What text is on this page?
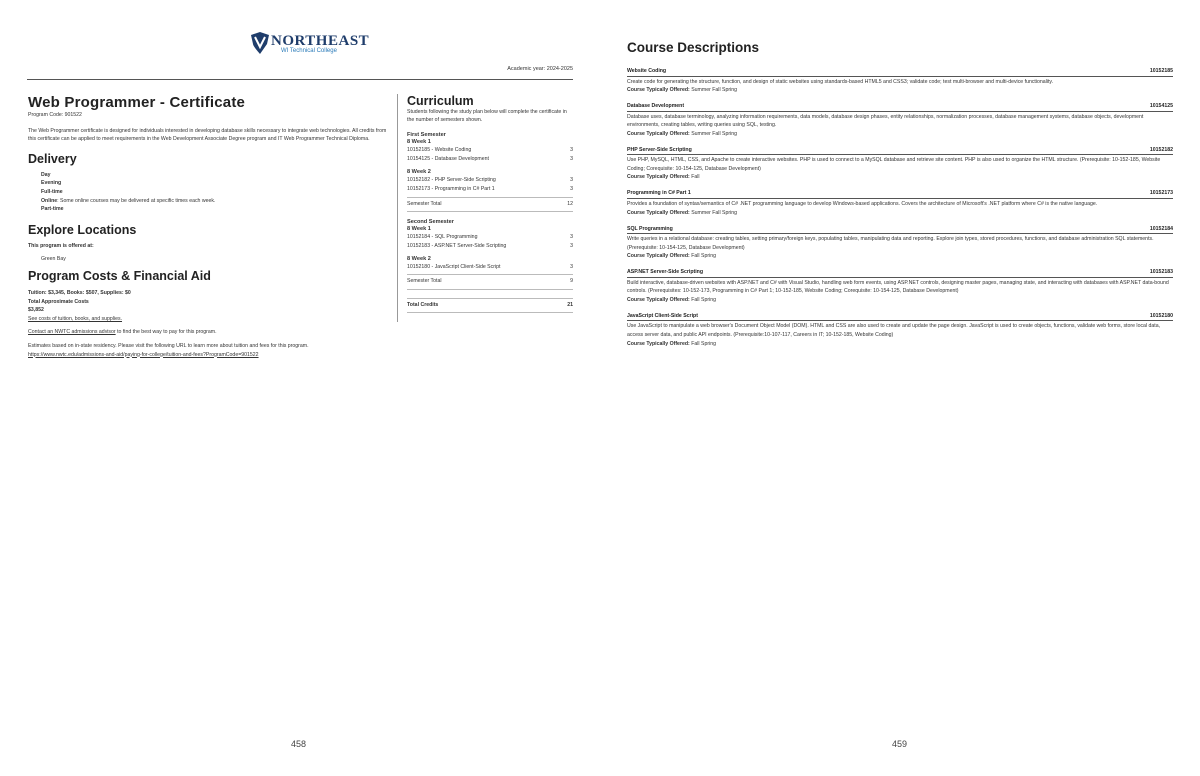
NORTHEAST
WI Technical College
Academic year: 2024-2025
Web Programmer - Certificate
Program Code: 901522
The Web Programmer certificate is designed for individuals interested in developing database skills necessary to integrate web technologies. All credits from this certificate can be applied to meet requirements in the Web Development Associate Degree program and IT Web Programmer Technical Diploma.
Delivery
Day
Evening
Full-time
Online: Some online courses may be delivered at specific times each week.
Part-time
Explore Locations
This program is offered at:
Green Bay
Program Costs & Financial Aid
Tuition: $3,345, Books: $507, Supplies: $0
Total Approximate Costs
$3,852
See costs of tuition, books, and supplies.
Contact an NWTC admissions advisor to find the best way to pay for this program.
Estimates based on in-state residency. Please visit the following URL to learn more about tuition and fees for this program.
https://www.nwtc.edu/admissions-and-aid/paying-for-college/tuition-and-fees?ProgramCode=901522
Curriculum
Students following the study plan below will complete the certificate in the number of semesters shown.
First Semester
8 Week 1
10152185 - Website Coding	3
10154125 - Database Development	3
8 Week 2
10152182 - PHP Server-Side Scripting	3
10152173 - Programming in C# Part 1	3
Semester Total	12
Second Semester
8 Week 1
10152184 - SQL Programming	3
10152183 - ASP.NET Server-Side Scripting	3
8 Week 2
10152180 - JavaScript Client-Side Script	3
Semester Total	9
Total Credits	21
458
Course Descriptions
Website Coding	10152185
Create code for generating the structure, function, and design of static websites using standards-based HTML5 and CSS3; validate code; test multi-browser and multi-device functionality.
Course Typically Offered: Summer Fall Spring
Database Development	10154125
Database uses, database terminology, analyzing information requirements, data models, database design phases, entity relationships, normalization processes, database management systems, database objects, development environments, creating tables, writing queries using SQL, testing.
Course Typically Offered: Summer Fall Spring
PHP Server-Side Scripting	10152182
Use PHP, MySQL, HTML, CSS, and Apache to create interactive websites. PHP is used to connect to a MySQL database and retrieve site content. PHP is also used to organize the HTML structure. (Prerequisite: 10-152-185, Website Coding; Corequisite: 10-154-125, Database Development)
Course Typically Offered: Fall
Programming in C# Part 1	10152173
Provides a foundation of syntax/semantics of C# .NET programming language to develop Windows-based applications. Covers the architecture of Microsoft's .NET platform where C# is the native language.
Course Typically Offered: Summer Fall Spring
SQL Programming	10152184
Write queries in a relational database: creating tables, setting primary/foreign keys, populating tables, manipulating data and reporting. Explore join types, stored procedures, functions, and database administration SQL statements. (Prerequisite: 10-154-125, Database Development)
Course Typically Offered: Fall Spring
ASP.NET Server-Side Scripting	10152183
Build interactive, database-driven websites with ASP.NET and C# with Visual Studio, handling web form events, using ASP.NET controls, designing master pages, managing state, and interacting with databases with ASP.NET data-bound controls. (Prerequisites: 10-152-173, Programming in C# Part 1; 10-152-185, Website Coding; Corequisite: 10-154-125, Database Development)
Course Typically Offered: Fall Spring
JavaScript Client-Side Script	10152180
Use JavaScript to manipulate a web browser's Document Object Model (DOM). HTML and CSS are also used to create and update the page design. JavaScript is used to create objects, functions, validate web forms, store local data, access server data, and public API endpoints. (Prerequisite:10-107-117, Careers in IT; 10-152-185, Website Coding)
Course Typically Offered: Fall Spring
459
